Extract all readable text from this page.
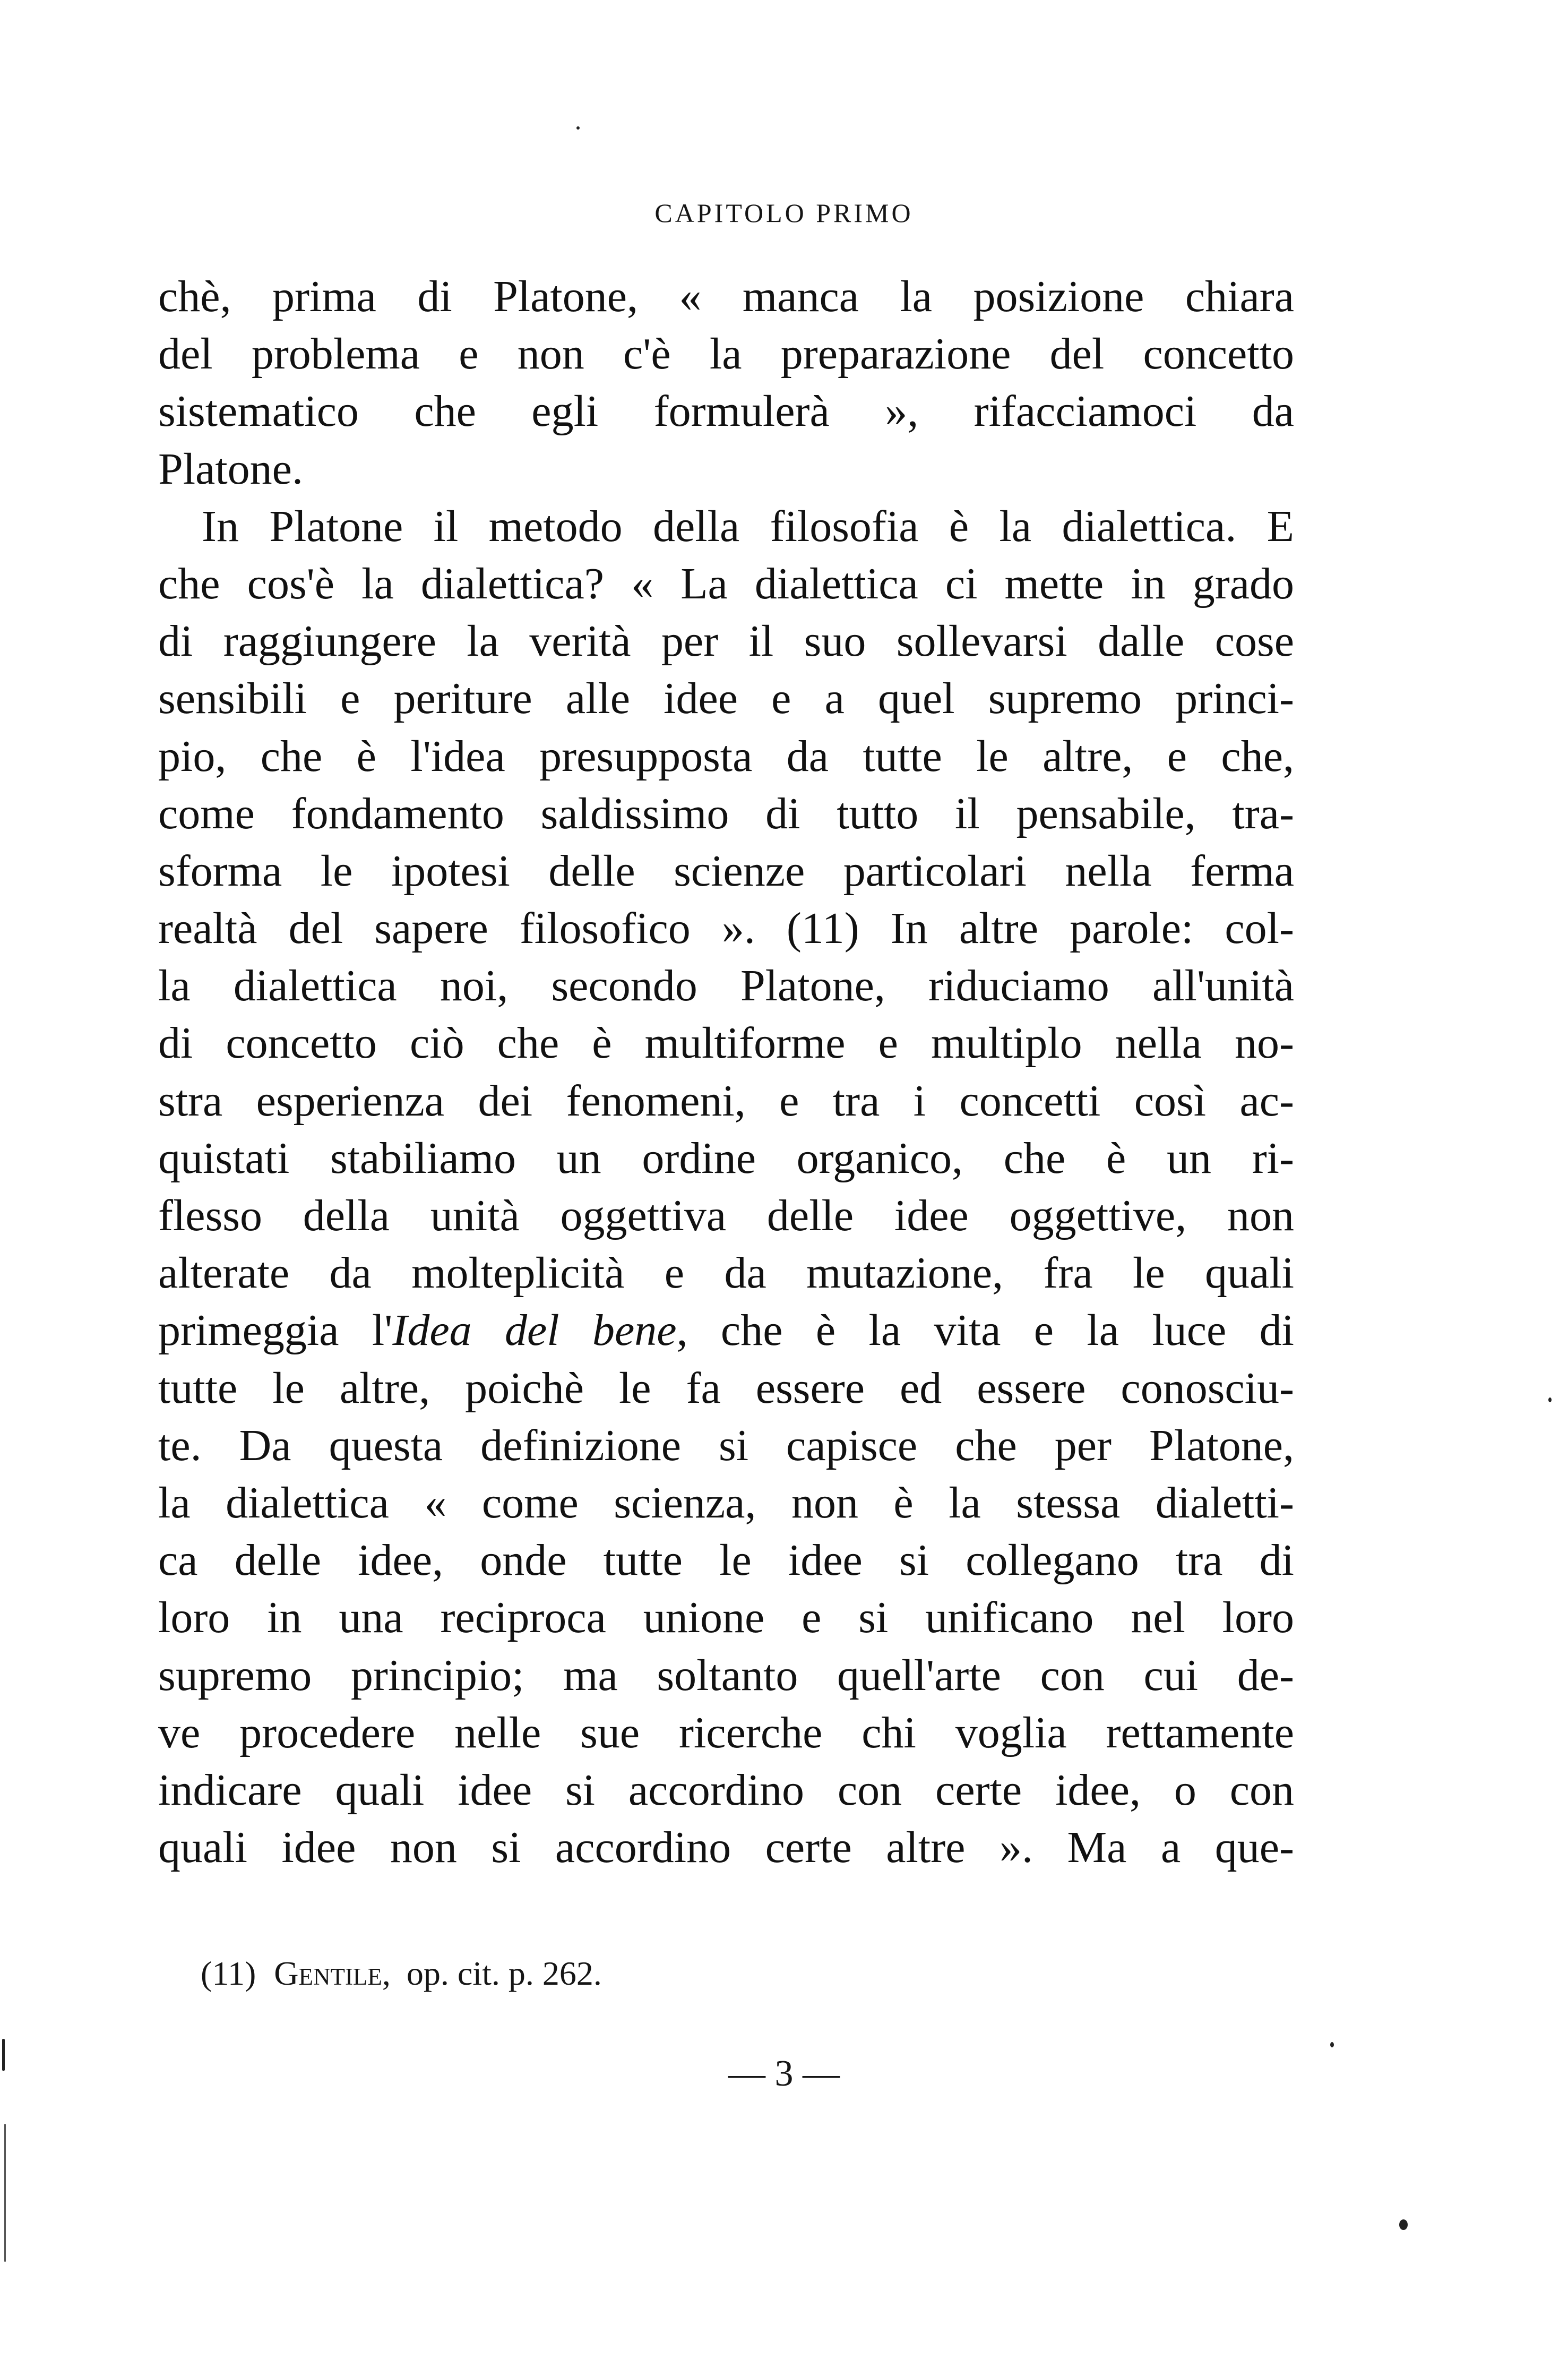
CAPITOLO PRIMO
chè, prima di Platone, « manca la posizione chiara
del problema e non c'è la preparazione del concetto
sistematico che egli formulerà », rifacciamoci da
Platone.
In Platone il metodo della filosofia è la dialettica. E
che cos'è la dialettica? « La dialettica ci mette in grado
di raggiungere la verità per il suo sollevarsi dalle cose
sensibili e periture alle idee e a quel supremo princi-
pio, che è l'idea presupposta da tutte le altre, e che,
come fondamento saldissimo di tutto il pensabile, tra-
sforma le ipotesi delle scienze particolari nella ferma
realtà del sapere filosofico ». (11) In altre parole: col-
la dialettica noi, secondo Platone, riduciamo all'unità
di concetto ciò che è multiforme e multiplo nella no-
stra esperienza dei fenomeni, e tra i concetti così ac-
quistati stabiliamo un ordine organico, che è un ri-
flesso della unità oggettiva delle idee oggettive, non
alterate da molteplicità e da mutazione, fra le quali
primeggia l'Idea del bene, che è la vita e la luce di
tutte le altre, poichè le fa essere ed essere conosciu-
te. Da questa definizione si capisce che per Platone,
la dialettica « come scienza, non è la stessa dialetti-
ca delle idee, onde tutte le idee si collegano tra di
loro in una reciproca unione e si unificano nel loro
supremo principio; ma soltanto quell'arte con cui de-
ve procedere nelle sue ricerche chi voglia rettamente
indicare quali idee si accordino con certe idee, o con
quali idee non si accordino certe altre ». Ma a que-
(11) Gentile, op. cit. p. 262.
— 3 —
